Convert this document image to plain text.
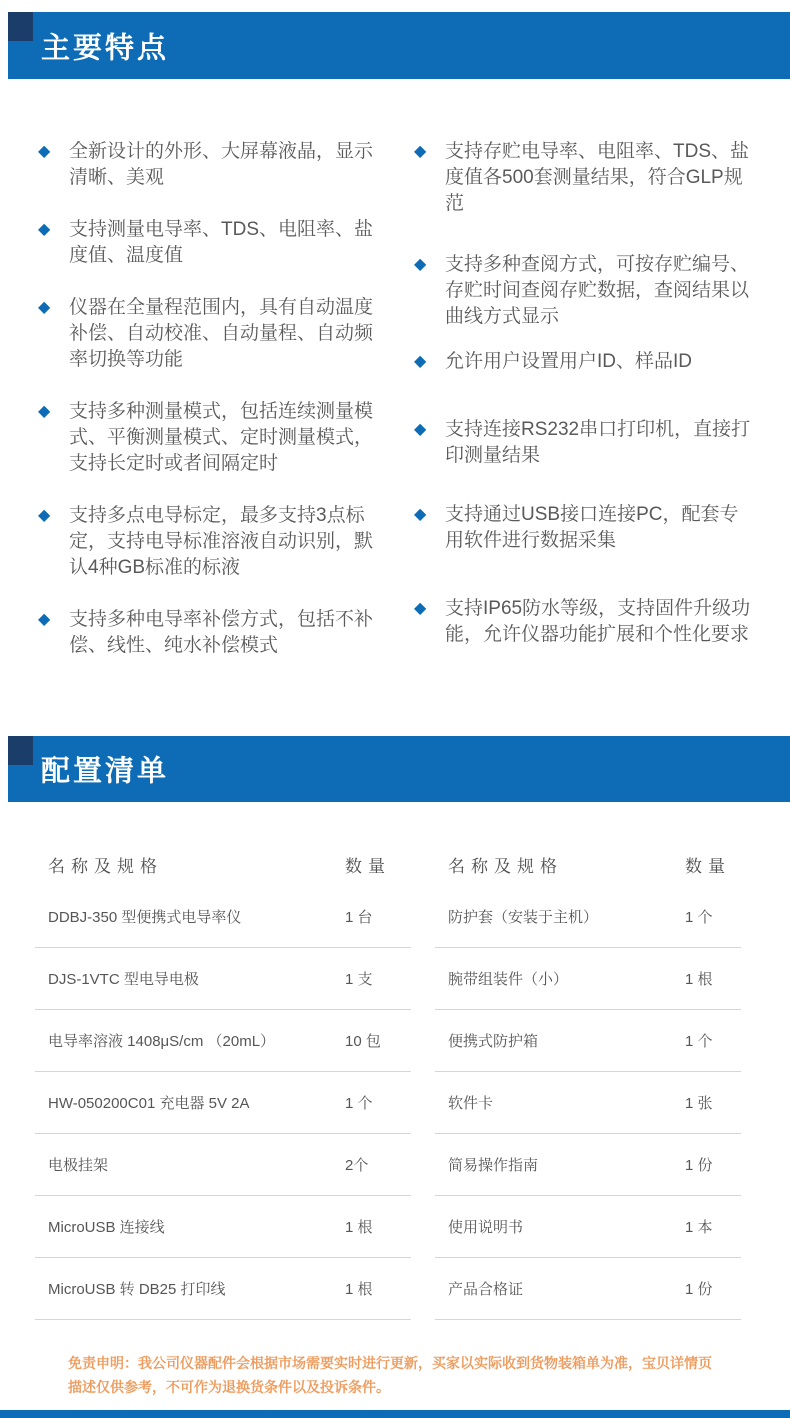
主要特点
◆ 全新设计的外形、大屏幕液晶，显示清晰、美观
◆ 支持测量电导率、TDS、电阻率、盐度值、温度值
◆ 仪器在全量程范围内，具有自动温度补偿、自动校准、自动量程、自动频率切换等功能
◆ 支持多种测量模式，包括连续测量模式、平衡测量模式、定时测量模式，支持长定时或者间隔定时
◆ 支持多点电导标定，最多支持3点标定，支持电导标准溶液自动识别，默认4种GB标准的标液
◆ 支持多种电导率补偿方式，包括不补偿、线性、纯水补偿模式
◆ 支持存贮电导率、电阻率、TDS、盐度值各500套测量结果，符合GLP规范
◆ 支持多种查阅方式，可按存贮编号、存贮时间查阅存贮数据，查阅结果以曲线方式显示
◆ 允许用户设置用户ID、样品ID
◆ 支持连接RS232串口打印机，直接打印测量结果
◆ 支持通过USB接口连接PC，配套专用软件进行数据采集
◆ 支持IP65防水等级，支持固件升级功能，允许仪器功能扩展和个性化要求
配置清单
名称及规格	数量
DDBJ-350 型便携式电导率仪	1 台
DJS-1VTC 型电导电极	1 支
电导率溶液 1408μS/cm （20mL）	10 包
HW-050200C01 充电器 5V 2A	1 个
电极挂架	2个
MicroUSB 连接线	1 根
MicroUSB 转 DB25 打印线	1 根
名称及规格	数量
防护套（安装于主机）	1 个
腕带组装件（小）	1 根
便携式防护箱	1 个
软件卡	1 张
简易操作指南	1 份
使用说明书	1 本
产品合格证	1 份
免责申明：我公司仪器配件会根据市场需要实时进行更新，买家以实际收到货物装箱单为准，宝贝详情页描述仅供参考，不可作为退换货条件以及投诉条件。
